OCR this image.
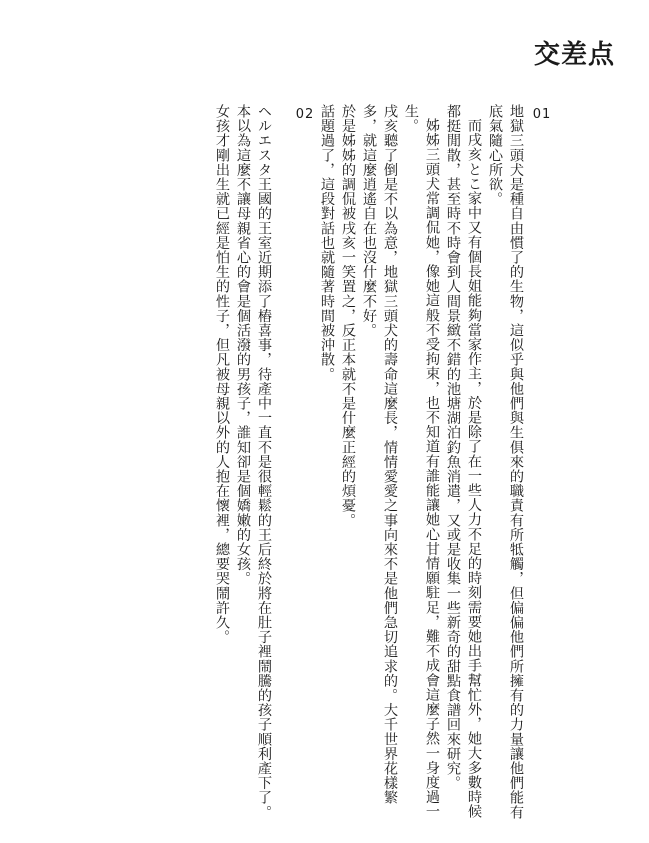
交差点
01

地獄三頭犬是種自由慣了的生物，這似乎與他們與生俱來的職責有所牴觸，但偏偏他們所擁有的力量讓他們能有底氣隨心所欲。

而戌亥とこ家中又有個長姐能夠當家作主，於是除了在一些人力不足的時刻需要她出手幫忙外，她大多數時候都挺閒散，甚至時不時會到人間景緻不錯的池塘湖泊釣魚消遣，又或是收集一些新奇的甜點食譜回來研究。

姊姊三頭犬常調侃她，像她這般不受拘束，也不知道有誰能讓她心甘情願駐足，難不成會這麼子然一身度過一生。

戌亥聽了倒是不以為意，地獄三頭犬的壽命這麼長，情情愛愛之事向來不是他們急切追求的。大千世界花樣繁多，就這麼逍遙自在也沒什麼不好。

於是姊姊的調侃被戌亥一笑置之，反正本就不是什麼正經的煩憂。

話題過了，這段對話也就隨著時間被沖散。

02

ヘルエスタ王國的王室近期添了樁喜事，待產中一直不是很輕鬆的王后終於將在肚子裡鬧騰的孩子順利產下了。

本以為這麼不讓母親省心的會是個活潑的男孩子，誰知卻是個嬌嫩的女孩。

女孩才剛出生就已經是怕生的性子，但凡被母親以外的人抱在懷裡，總要哭鬧許久。
